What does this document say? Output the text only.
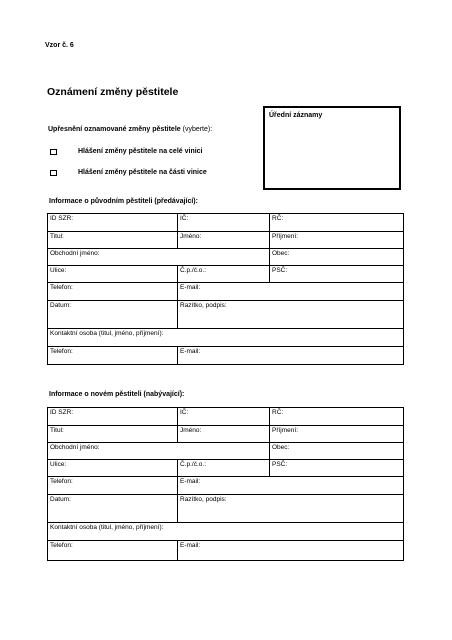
Vzor č. 6
Oznámení změny pěstitele
Upřesnění oznamované změny pěstitele (vyberte):
Hlášení změny pěstitele na celé vinici
Hlášení změny pěstitele na části vinice
Úřední záznamy
Informace o původním pěstiteli (předávající):
ID SZR:	IČ:	RČ:
Titul:	Jméno:	Příjmení:
Obchodní jméno:		Obec:
Ulice:	Č.p./č.o.:	PSČ:
Telefon:	E-mail:	
Datum:	Razítko, podpis:	
Kontaktní osoba (titul, jméno, příjmení):		
Telefon:	E-mail:	
Informace o novém pěstiteli (nabývající):
ID SZR:	IČ:	RČ:
Titul:	Jméno:	Příjmení:
Obchodní jméno:		Obec:
Ulice:	Č.p./č.o.:	PSČ:
Telefon:	E-mail:	
Datum:	Razítko, podpis:	
Kontaktní osoba (titul, jméno, příjmení):		
Telefon:	E-mail:	
